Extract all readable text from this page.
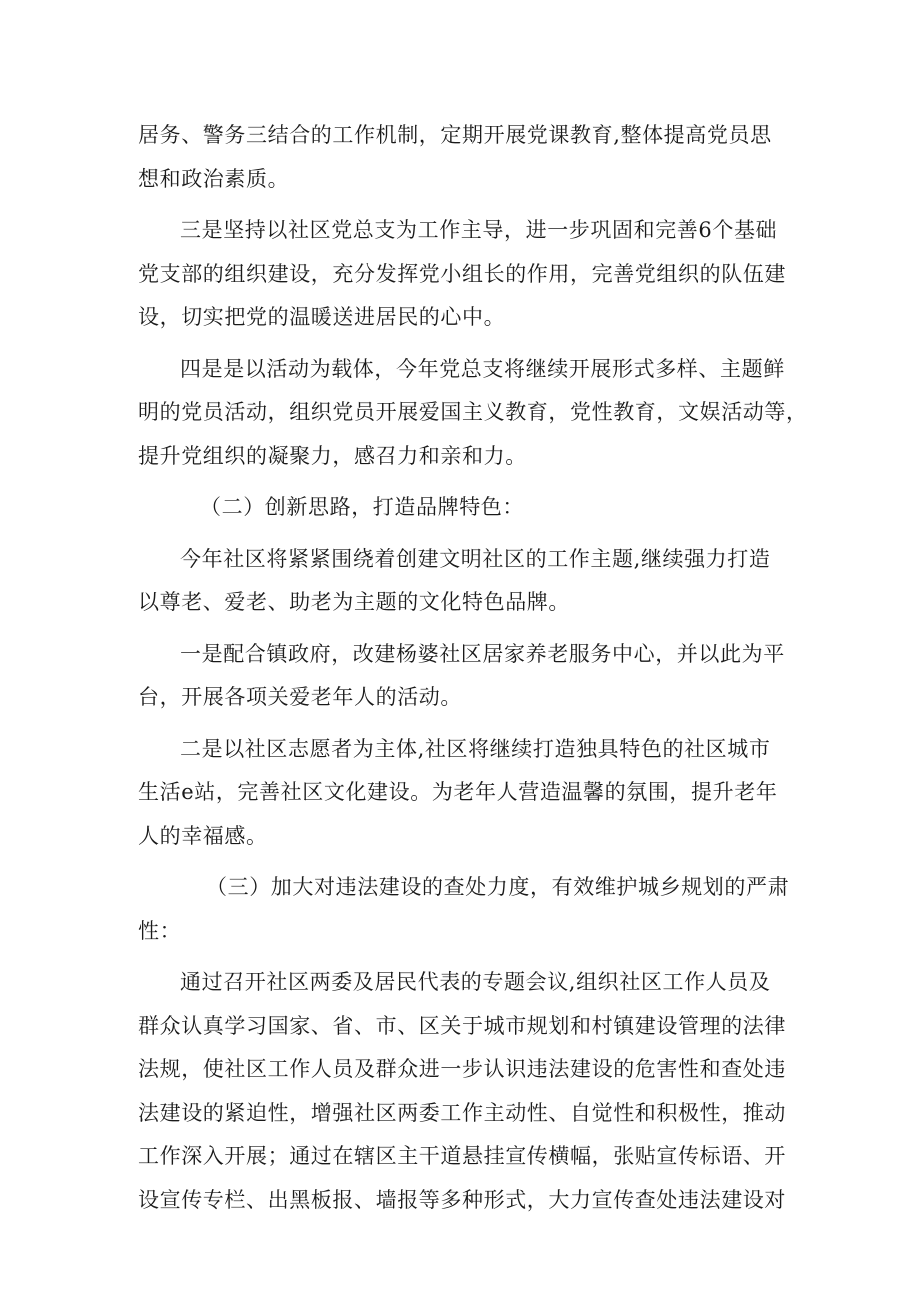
居务、警务三结合的工作机制，定期开展党课教育,整体提高党员思
想和政治素质。
三是坚持以社区党总支为工作主导，进一步巩固和完善6个基础
党支部的组织建设，充分发挥党小组长的作用，完善党组织的队伍建
设，切实把党的温暖送进居民的心中。
四是是以活动为载体，今年党总支将继续开展形式多样、主题鲜
明的党员活动，组织党员开展爱国主义教育，党性教育，文娱活动等，
提升党组织的凝聚力，感召力和亲和力。
（二）创新思路，打造品牌特色：
今年社区将紧紧围绕着创建文明社区的工作主题,继续强力打造
以尊老、爱老、助老为主题的文化特色品牌。
一是配合镇政府，改建杨婆社区居家养老服务中心，并以此为平
台，开展各项关爱老年人的活动。
二是以社区志愿者为主体,社区将继续打造独具特色的社区城市
生活e站，完善社区文化建设。为老年人营造温馨的氛围，提升老年
人的幸福感。
（三）加大对违法建设的查处力度，有效维护城乡规划的严肃
性：
通过召开社区两委及居民代表的专题会议,组织社区工作人员及
群众认真学习国家、省、市、区关于城市规划和村镇建设管理的法律
法规，使社区工作人员及群众进一步认识违法建设的危害性和查处违
法建设的紧迫性，增强社区两委工作主动性、自觉性和积极性，推动
工作深入开展；通过在辖区主干道悬挂宣传横幅，张贴宣传标语、开
设宣传专栏、出黑板报、墙报等多种形式，大力宣传查处违法建设对
